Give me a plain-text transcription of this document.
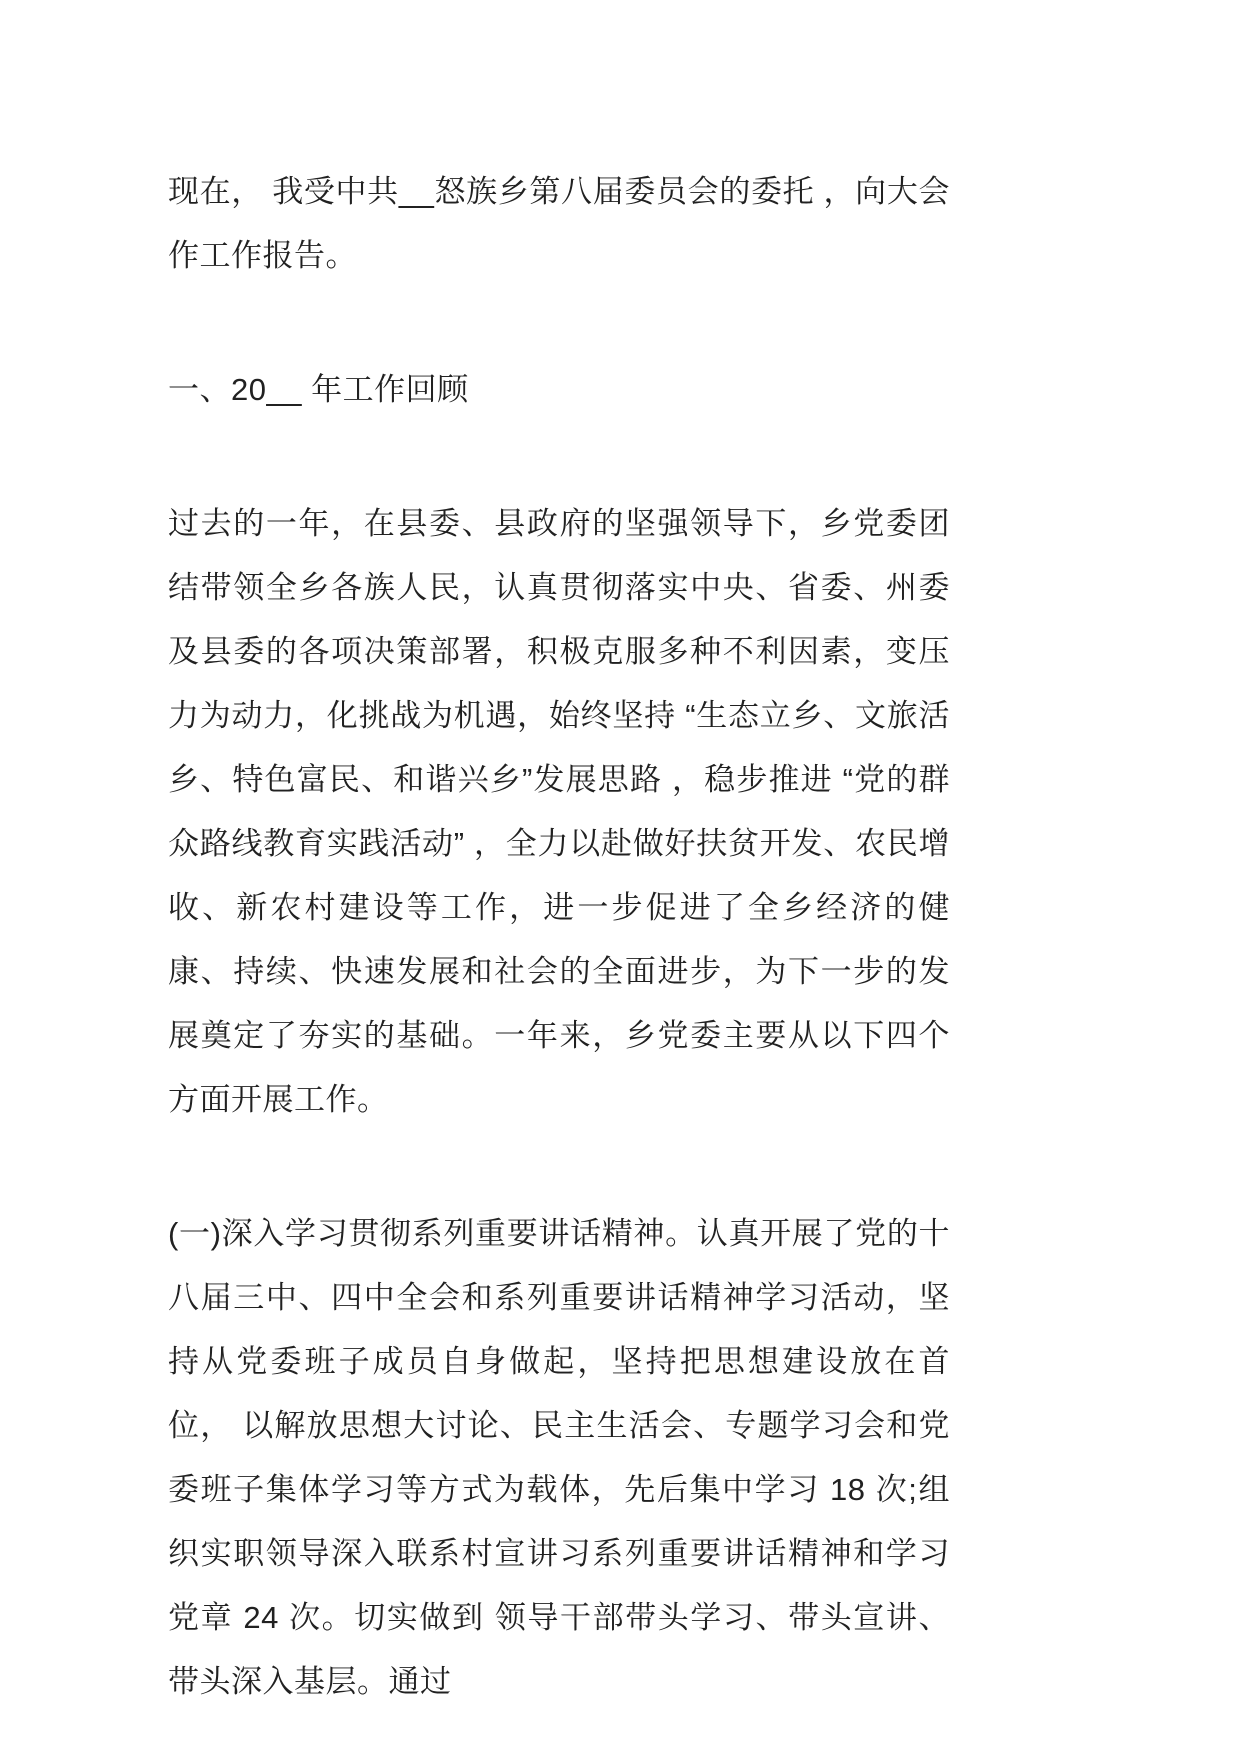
现在， 我受中共__怒族乡第八届委员会的委托 ，向大会作工作报告。

一、20__ 年工作回顾

过去的一年，在县委、县政府的坚强领导下，乡党委团结带领全乡各族人民，认真贯彻落实中央、省委、州委及县委的各项决策部署，积极克服多种不利因素，变压力为动力，化挑战为机遇，始终坚持 “生态立乡、文旅活乡、特色富民、和谐兴乡”发展思路 ，稳步推进 “党的群众路线教育实践活动” ，全力以赴做好扶贫开发、农民增收、新农村建设等工作，进一步促进了全乡经济的健康、持续、快速发展和社会的全面进步，为下一步的发展奠定了夯实的基础。一年来，乡党委主要从以下四个方面开展工作。

(一)深入学习贯彻系列重要讲话精神。认真开展了党的十八届三中、四中全会和系列重要讲话精神学习活动，坚持从党委班子成员自身做起，坚持把思想建设放在首位， 以解放思想大讨论、民主生活会、专题学习会和党委班子集体学习等方式为载体，先后集中学习 18 次;组织实职领导深入联系村宣讲习系列重要讲话精神和学习党章 24 次。切实做到 领导干部带头学习、带头宣讲、带头深入基层。通过
